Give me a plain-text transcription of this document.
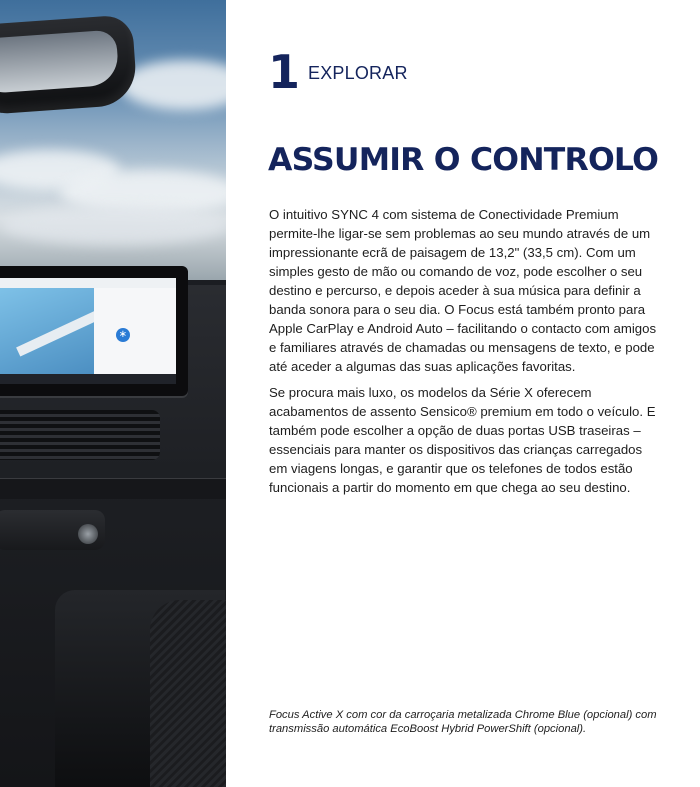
∗
1 EXPLORAR
ASSUMIR O CONTROLO

O intuitivo SYNC 4 com sistema de Conectividade Premium permite-lhe ligar-se sem problemas ao seu mundo através de um impressionante ecrã de paisagem de 13,2" (33,5 cm). Com um simples gesto de mão ou comando de voz, pode escolher o seu destino e percurso, e depois aceder à sua música para definir a banda sonora para o seu dia. O Focus está também pronto para Apple CarPlay e Android Auto – facilitando o contacto com amigos e familiares através de chamadas ou mensagens de texto, e pode até aceder a algumas das suas aplicações favoritas.

Se procura mais luxo, os modelos da Série X oferecem acabamentos de assento Sensico® premium em todo o veículo. E também pode escolher a opção de duas portas USB traseiras – essenciais para manter os dispositivos das crianças carregados em viagens longas, e garantir que os telefones de todos estão funcionais a partir do momento em que chega ao seu destino.

Focus Active X com cor da carroçaria metalizada Chrome Blue (opcional) com transmissão automática EcoBoost Hybrid PowerShift (opcional).
